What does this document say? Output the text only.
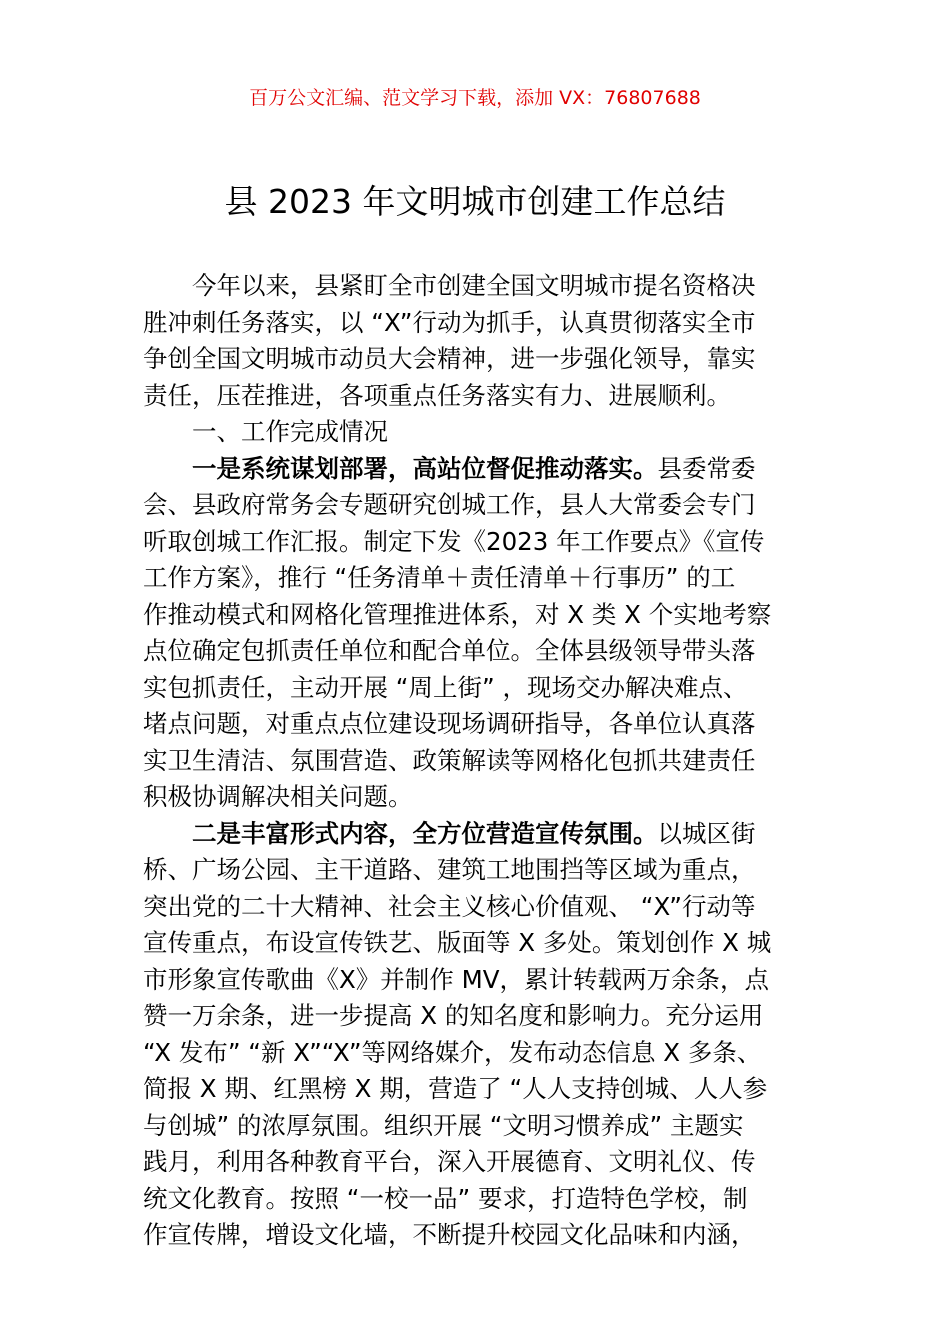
百万公文汇编、范文学习下载，添加 VX：76807688
县 2023 年文明城市创建工作总结
今年以来，县紧盯全市创建全国文明城市提名资格决
胜冲刺任务落实，以 “X”行动为抓手，认真贯彻落实全市
争创全国文明城市动员大会精神，进一步强化领导，靠实
责任，压茬推进，各项重点任务落实有力、进展顺利。
一、工作完成情况
一是系统谋划部署，高站位督促推动落实。县委常委
会、县政府常务会专题研究创城工作，县人大常委会专门
听取创城工作汇报。制定下发《2023 年工作要点》《宣传
工作方案》，推行 “任务清单＋责任清单＋行事历” 的工
作推动模式和网格化管理推进体系，对 X 类 X 个实地考察
点位确定包抓责任单位和配合单位。全体县级领导带头落
实包抓责任，主动开展 “周上街” ，现场交办解决难点、
堵点问题，对重点点位建设现场调研指导，各单位认真落
实卫生清洁、氛围营造、政策解读等网格化包抓共建责任
积极协调解决相关问题。
二是丰富形式内容，全方位营造宣传氛围。以城区街
桥、广场公园、主干道路、建筑工地围挡等区域为重点，
突出党的二十大精神、社会主义核心价值观、 “X”行动等
宣传重点，布设宣传铁艺、版面等 X 多处。策划创作 X 城
市形象宣传歌曲《X》并制作 MV，累计转载两万余条，点
赞一万余条，进一步提高 X 的知名度和影响力。充分运用
“X 发布” “新 X”“X”等网络媒介，发布动态信息 X 多条、
简报 X 期、红黑榜 X 期，营造了 “人人支持创城、人人参
与创城” 的浓厚氛围。组织开展 “文明习惯养成” 主题实
践月，利用各种教育平台，深入开展德育、文明礼仪、传
统文化教育。按照 “一校一品” 要求，打造特色学校，制
作宣传牌，增设文化墙，不断提升校园文化品味和内涵，
